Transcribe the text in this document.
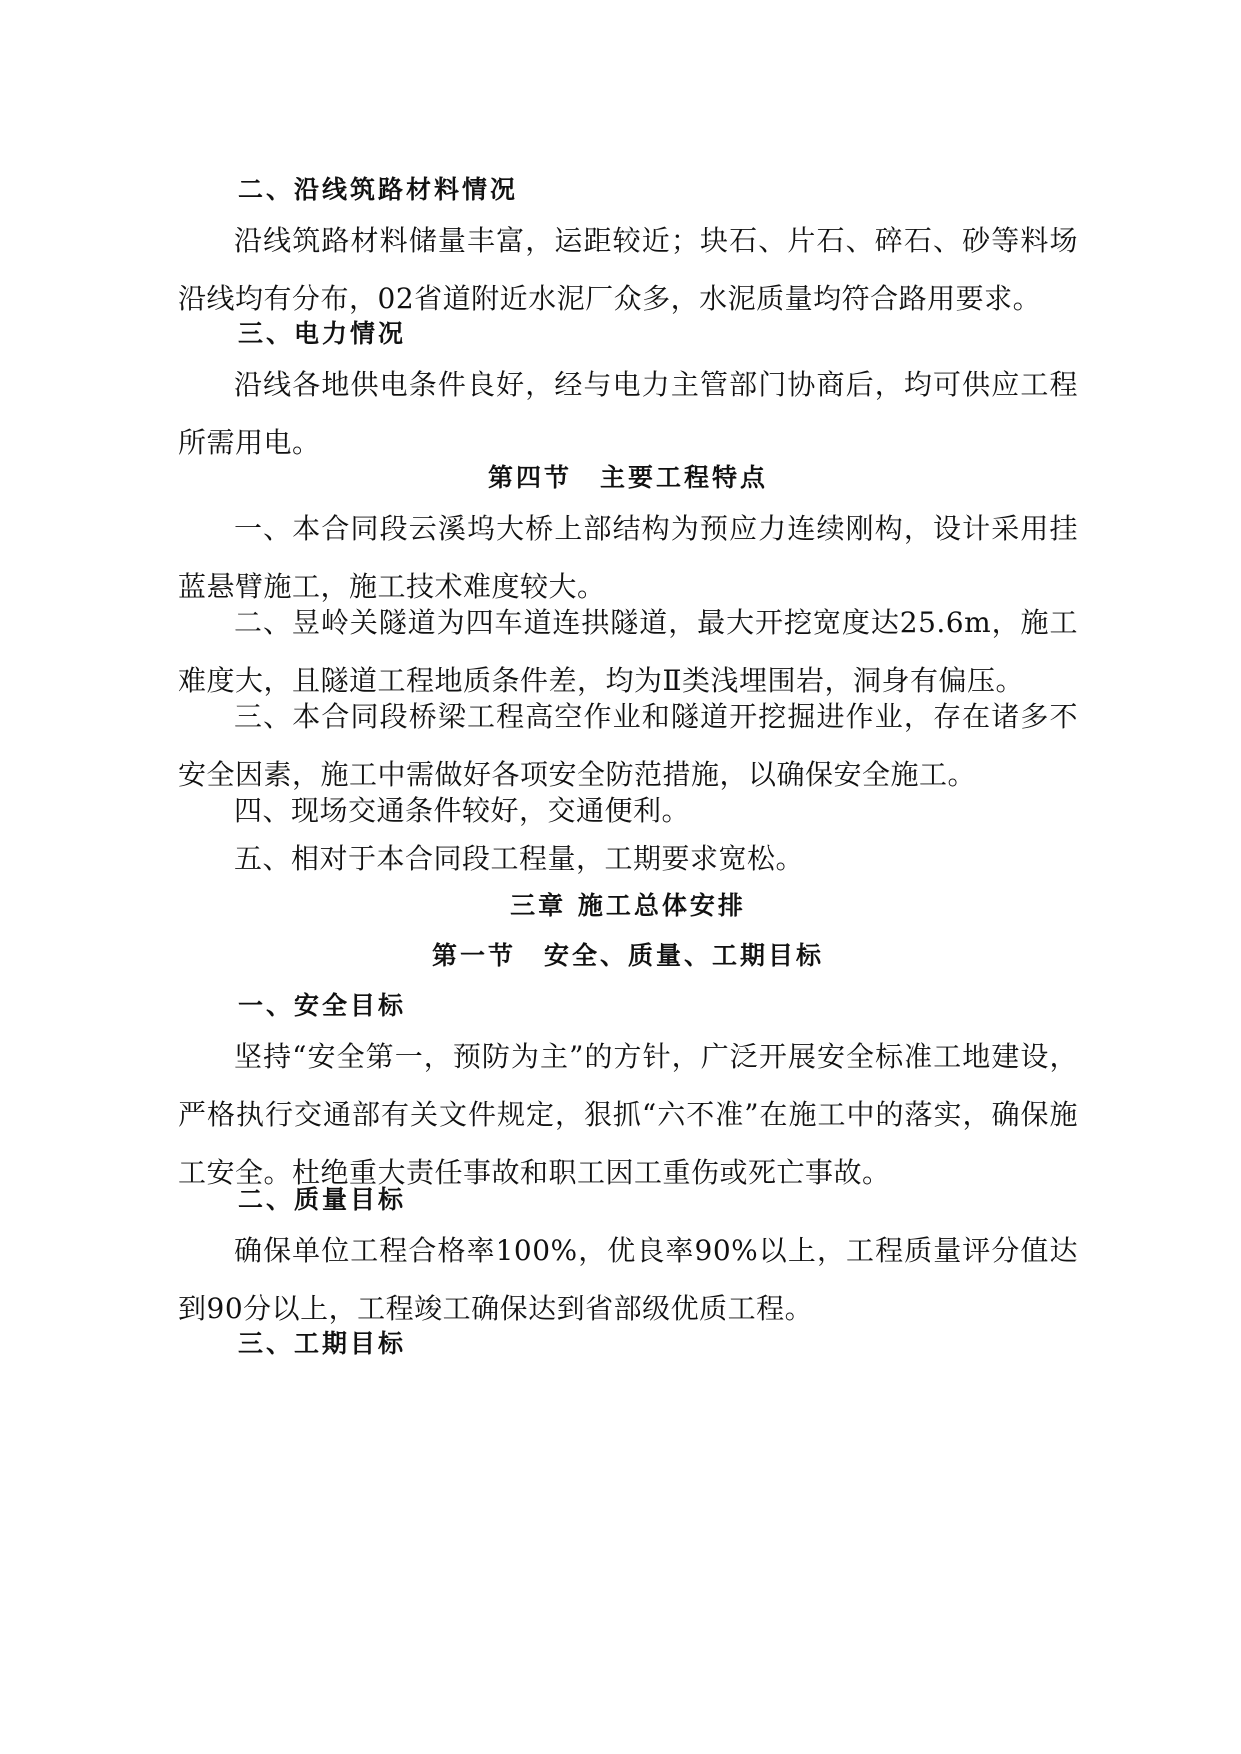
二、沿线筑路材料情况
沿线筑路材料储量丰富，运距较近；块石、片石、碎石、砂等料场沿线均有分布，02省道附近水泥厂众多，水泥质量均符合路用要求。
三、电力情况
沿线各地供电条件良好，经与电力主管部门协商后，均可供应工程所需用电。
第四节　主要工程特点
一、本合同段云溪坞大桥上部结构为预应力连续刚构，设计采用挂蓝悬臂施工，施工技术难度较大。
二、昱岭关隧道为四车道连拱隧道，最大开挖宽度达25.6m，施工难度大，且隧道工程地质条件差，均为Ⅱ类浅埋围岩，洞身有偏压。
三、本合同段桥梁工程高空作业和隧道开挖掘进作业，存在诸多不安全因素，施工中需做好各项安全防范措施，以确保安全施工。
四、现场交通条件较好，交通便利。
五、相对于本合同段工程量，工期要求宽松。
三章 施工总体安排
第一节　安全、质量、工期目标
一、安全目标
坚持“安全第一，预防为主”的方针，广泛开展安全标准工地建设，严格执行交通部有关文件规定，狠抓“六不准”在施工中的落实，确保施工安全。杜绝重大责任事故和职工因工重伤或死亡事故。
二、质量目标
确保单位工程合格率100%，优良率90%以上，工程质量评分值达到90分以上，工程竣工确保达到省部级优质工程。
三、工期目标
